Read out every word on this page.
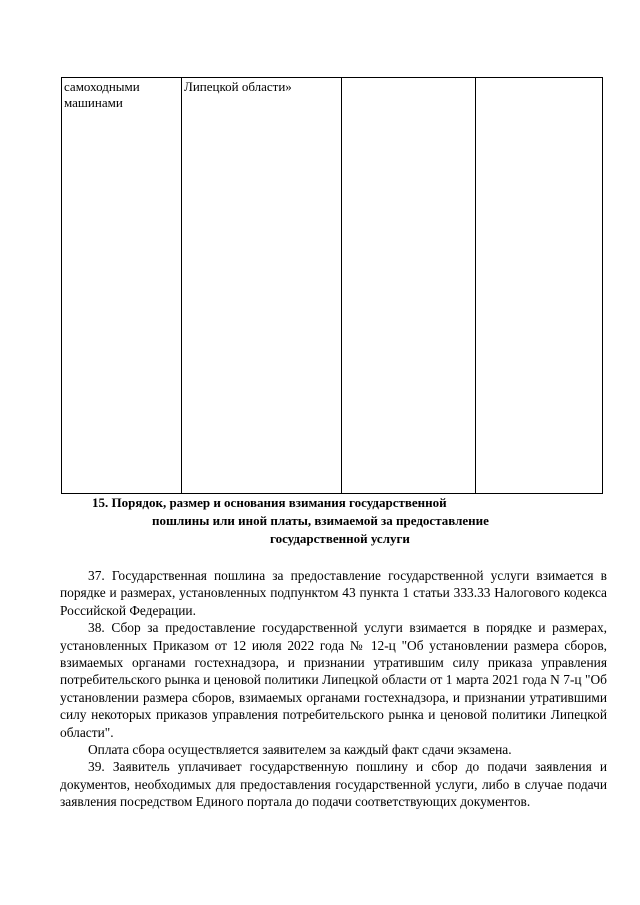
самоходными машинами	Липецкой области»		
15. Порядок, размер и основания взимания государственной
пошлины или иной платы, взимаемой за предоставление
государственной услуги

37. Государственная пошлина за предоставление государственной услуги взимается в порядке и размерах, установленных подпунктом 43 пункта 1 статьи 333.33 Налогового кодекса Российской Федерации.

38. Сбор за предоставление государственной услуги взимается в порядке и размерах, установленных Приказом от 12 июля 2022 года № 12-ц "Об установлении размера сборов, взимаемых органами гостехнадзора, и признании утратившим силу приказа управления потребительского рынка и ценовой политики Липецкой области от 1 марта 2021 года N 7-ц "Об установлении размера сборов, взимаемых органами гостехнадзора, и признании утратившими силу некоторых приказов управления потребительского рынка и ценовой политики Липецкой области".

Оплата сбора осуществляется заявителем за каждый факт сдачи экзамена.

39. Заявитель уплачивает государственную пошлину и сбор до подачи заявления и документов, необходимых для предоставления государственной услуги, либо в случае подачи заявления посредством Единого портала до подачи соответствующих документов.
